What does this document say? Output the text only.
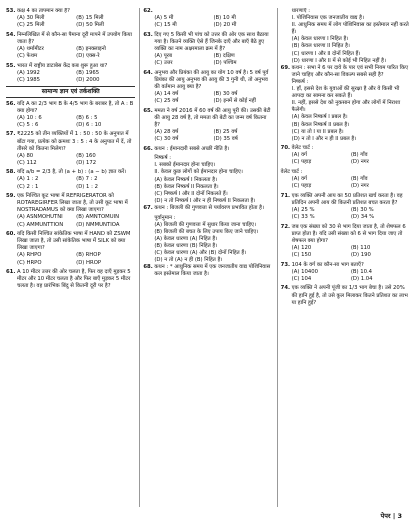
53. कक्ष 4 का तापमान क्या है?
(A) 30 मिली	(B) 15 मिली
(C) 25 मिली	(D) 50 मिली
54. निम्नलिखित में से कौन-सा पैमाना दूरी मापने में उपयोग किया जाता है?
(A) थर्मामीटर	(B) इनक्लाइनो
(C) फेथम	(D) एक्स-रे
55. भारत में राष्ट्रीय डाटाबेस केंद्र कब शुरू हुआ था?
(A) 1992	(B) 1965
(C) 1985	(D) 2000
सामान्य ज्ञान एवं तर्कशक्ति
56. यदि A का 2/3 भाग B के 4/5 भाग के बराबर है, तो A : B क्या होगा?
(A) 10 : 6	(B) 6 : 5
(C) 5 : 6	(D) 6 : 10
57. ₹2225 को तीन व्यक्तियों में 1 : 50 : 50 के अनुपात में बाँटा गया, प्रत्येक को क्रमशः 3 : 5 : 4 के अनुपात में दें, तो तीसरे को कितना मिलेगा?
(A) 80	(B) 160
(C) 112	(D) 172
58. यदि a/b = 2/3 है, तो (a + b) : (a − b) ज्ञात करें।
(A) 1 : 2	(B) 7 : 2
(C) 2 : 1	(D) 1 : 2
59. एक निश्चित कूट भाषा में REFRIGERATOR को ROTAREGIRFER लिखा जाता है, तो उसी कूट भाषा में NOSTRADAMUS को क्या लिखा जाएगा?
(A) ASNMOHUTNI	(B) AMNTOMUIN
(C) AMMUNTTION	(D) NMMUNTIOA
60. यदि किसी निश्चित सांकेतिक भाषा में HAND को ZSWM लिखा जाता है, तो उसी सांकेतिक भाषा में SILK को क्या लिखा जाएगा?
(A) RHPO	(B) RHOP
(C) HRPO	(D) HROP
61. A 10 मीटर उत्तर की ओर चलता है, फिर वह दाएँ मुड़कर 5 मीटर और 10 मीटर चलता है और फिर बाएँ मुड़कर 5 मीटर चलता है। वह प्रारंभिक बिंदु से कितनी दूरी पर है?
62.
(A) 5 मी	(B) 10 मी
(C) 15 मी	(D) 20 मी
63. दिए गए 5 किसी भी पांच को उत्तर की ओर एक साथ बैठाया गया है। कितने व्यक्ति ऐसे हैं जिनके दाएँ और बाएँ बैठे हुए व्यक्ति का नाम अक्षरमाला क्रम में है?
(A) पूरब	(B) दक्षिण
(C) उत्तर	(D) पश्चिम
64. अनुभव और प्रियंका की आयु का योग 10 वर्ष है। 5 वर्ष पूर्व प्रियंका की आयु अनुभव की आयु की 3 गुनी थी, तो अनुभव की वर्तमान आयु क्या है?
(A) 14 वर्ष	(B) 30 वर्ष
(C) 25 वर्ष	(D) इनमें से कोई नहीं
65. ममता ने वर्ष 2016 में 60 वर्ष की आयु पूरी की। उसकी बेटी की आयु 28 वर्ष है, तो ममता की बेटी का जन्म वर्ष कितना है?
(A) 28 वर्ष	(B) 25 वर्ष
(C) 30 वर्ष	(D) 35 वर्ष
66. कथन : ईमानदारी सबसे अच्छी नीति है।
निष्कर्ष :
I. सबको ईमानदार होना चाहिए।
II. केवल कुछ लोगों को ईमानदार होना चाहिए।
(A) केवल निष्कर्ष I निकलता है।
(B) केवल निष्कर्ष II निकलता है।
(C) निष्कर्ष I और II दोनों निकलते हैं।
(D) न तो निष्कर्ष I और न ही निष्कर्ष II निकलता है।
67. कथन : बिजली की गुणवत्ता से पर्यावरण प्रभावित होता है।
पूर्वानुमान :
(A) बिजली की गुणवत्ता में सुधार किया जाना चाहिए।
(B) बिजली की बचत के लिए उपाय किए जाने चाहिए।
(A) केवल धारणा (A) निहित है।
(B) केवल धारणा (B) निहित है।
(C) केवल धारणा (A) और (B) दोनों निहित हैं।
(D) न तो (A) न ही (B) निहित है।
68. कथन : * आधुनिक समय में एक जनजातीय वाद्य पोशिनिवास कल इस्तेमाल किया जाता है।
धारणाएँ :
I. पोशिनिवास एक जनजातीय वाद्य है।
II. आधुनिक समय में लोग पोशिनिवास का इस्तेमाल नहीं करते हैं।
(A) केवल धारणा I निहित है।
(B) केवल धारणा II निहित है।
(C) धारणा I और II दोनों निहित हैं।
(D) धारणा I और II में से कोई भी निहित नहीं है।
69. कथन : सभा ने 6 पर दावे के पार एवं सभी नियम पारित किए जाने चाहिए और कौन-सा विकल्प सबसे सही है?
निष्कर्ष :
I. हाँ, इससे देश के युवाओं की सुरक्षा है और वे किसी भी आपदा का सामना कर सकते हैं।
II. नहीं, इससे देश को नुकसान होगा और लोगों में निराशा फैलेगी।
(A) केवल निष्कर्ष I प्रबल है।
(B) केवल निष्कर्ष II प्रबल है।
(C) या तो I या II प्रबल है।
(D) न तो I और न ही II प्रबल है।
70. वेलेट चार्ट :
(A) वर्ग	(B) गाँव
(C) पहाड़	(D) नगर
वेलेट चार्ट :
(A) वर्ग	(B) गाँव
(C) पहाड़	(D) नगर
71. एक व्यक्ति अपनी आय का 50 प्रतिशत खर्च करता है। वह प्रतिदिन अपनी आय की कितनी प्रतिशत बचत करता है?
(A) 25 %	(B) 30 %
(C) 33 %	(D) 34 %
72. जब एक संख्या को 30 से भाग दिया जाता है, तो शेषफल 6 प्राप्त होता है। यदि उसी संख्या को 6 से भाग दिया जाए तो शेषफल क्या होगा?
(A) 120	(B) 110
(C) 150	(D) 190
73. 104 के वर्ग का कौन-सा भाग बताएँ?
(A) 10400	(B) 10.4
(C) 104	(D) 1.04
74. एक व्यक्ति ने अपनी पूंजी का 1/3 भाग बेचा है। उसे 20% की हानि हुई है, तो उसे कुल मिलाकर कितने प्रतिशत का लाभ या हानि हुई?
पेपर | 3
